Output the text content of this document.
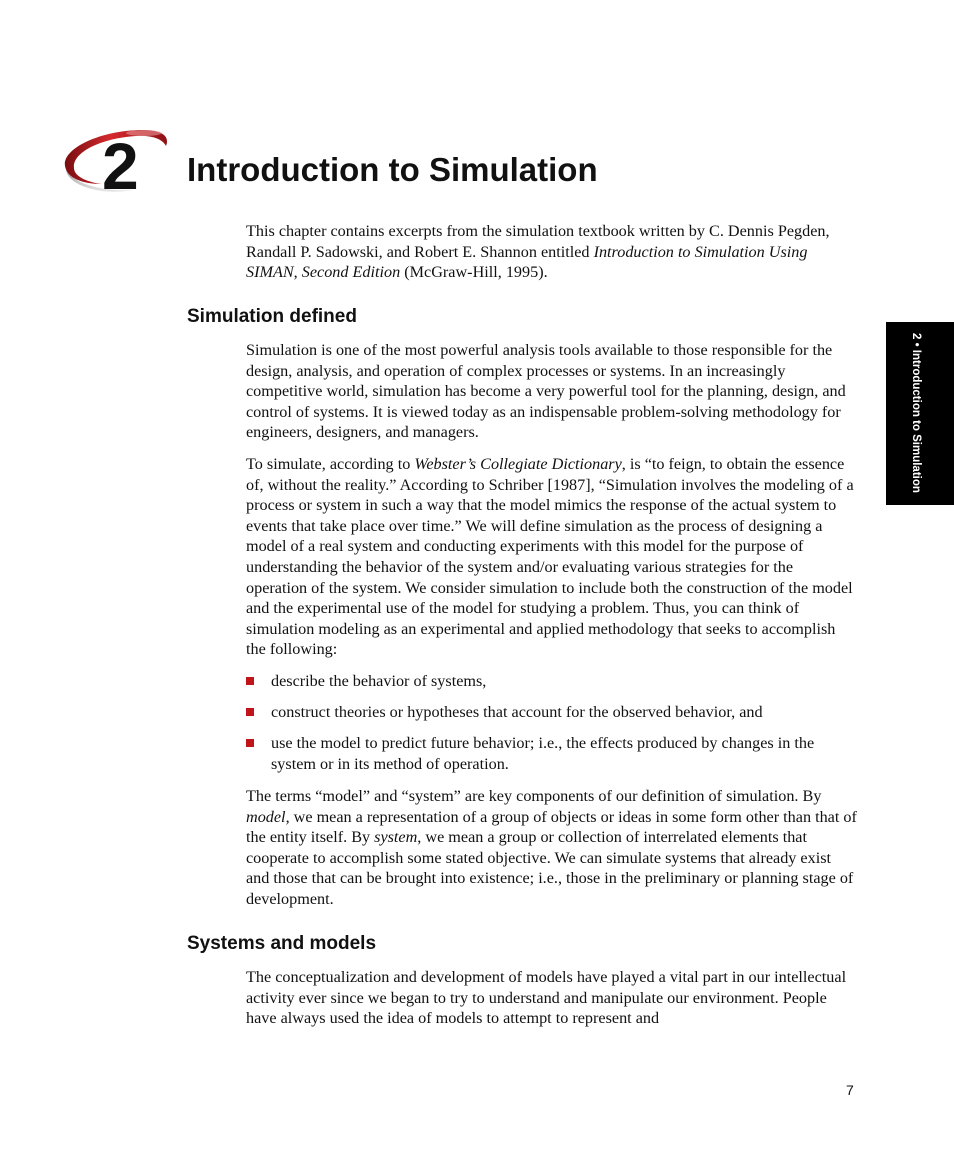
2 Introduction to Simulation

This chapter contains excerpts from the simulation textbook written by C. Dennis Pegden, Randall P. Sadowski, and Robert E. Shannon entitled Introduction to Simulation Using SIMAN, Second Edition (McGraw-Hill, 1995).

Simulation defined

Simulation is one of the most powerful analysis tools available to those responsible for the design, analysis, and operation of complex processes or systems. In an increasingly competitive world, simulation has become a very powerful tool for the planning, design, and control of systems. It is viewed today as an indispensable problem-solving methodology for engineers, designers, and managers.

To simulate, according to Webster’s Collegiate Dictionary, is “to feign, to obtain the essence of, without the reality.” According to Schriber [1987], “Simulation involves the modeling of a process or system in such a way that the model mimics the response of the actual system to events that take place over time.” We will define simulation as the process of designing a model of a real system and conducting experiments with this model for the purpose of understanding the behavior of the system and/or evaluating various strategies for the operation of the system. We consider simulation to include both the construction of the model and the experimental use of the model for studying a problem. Thus, you can think of simulation modeling as an experimental and applied methodology that seeks to accomplish the following:

describe the behavior of systems,
construct theories or hypotheses that account for the observed behavior, and
use the model to predict future behavior; i.e., the effects produced by changes in the system or in its method of operation.

The terms “model” and “system” are key components of our definition of simulation. By model, we mean a representation of a group of objects or ideas in some form other than that of the entity itself. By system, we mean a group or collection of interrelated elements that cooperate to accomplish some stated objective. We can simulate systems that already exist and those that can be brought into existence; i.e., those in the preliminary or planning stage of development.

Systems and models

The conceptualization and development of models have played a vital part in our intellectual activity ever since we began to try to understand and manipulate our environment. People have always used the idea of models to attempt to represent and

2 • Introduction to Simulation
7
